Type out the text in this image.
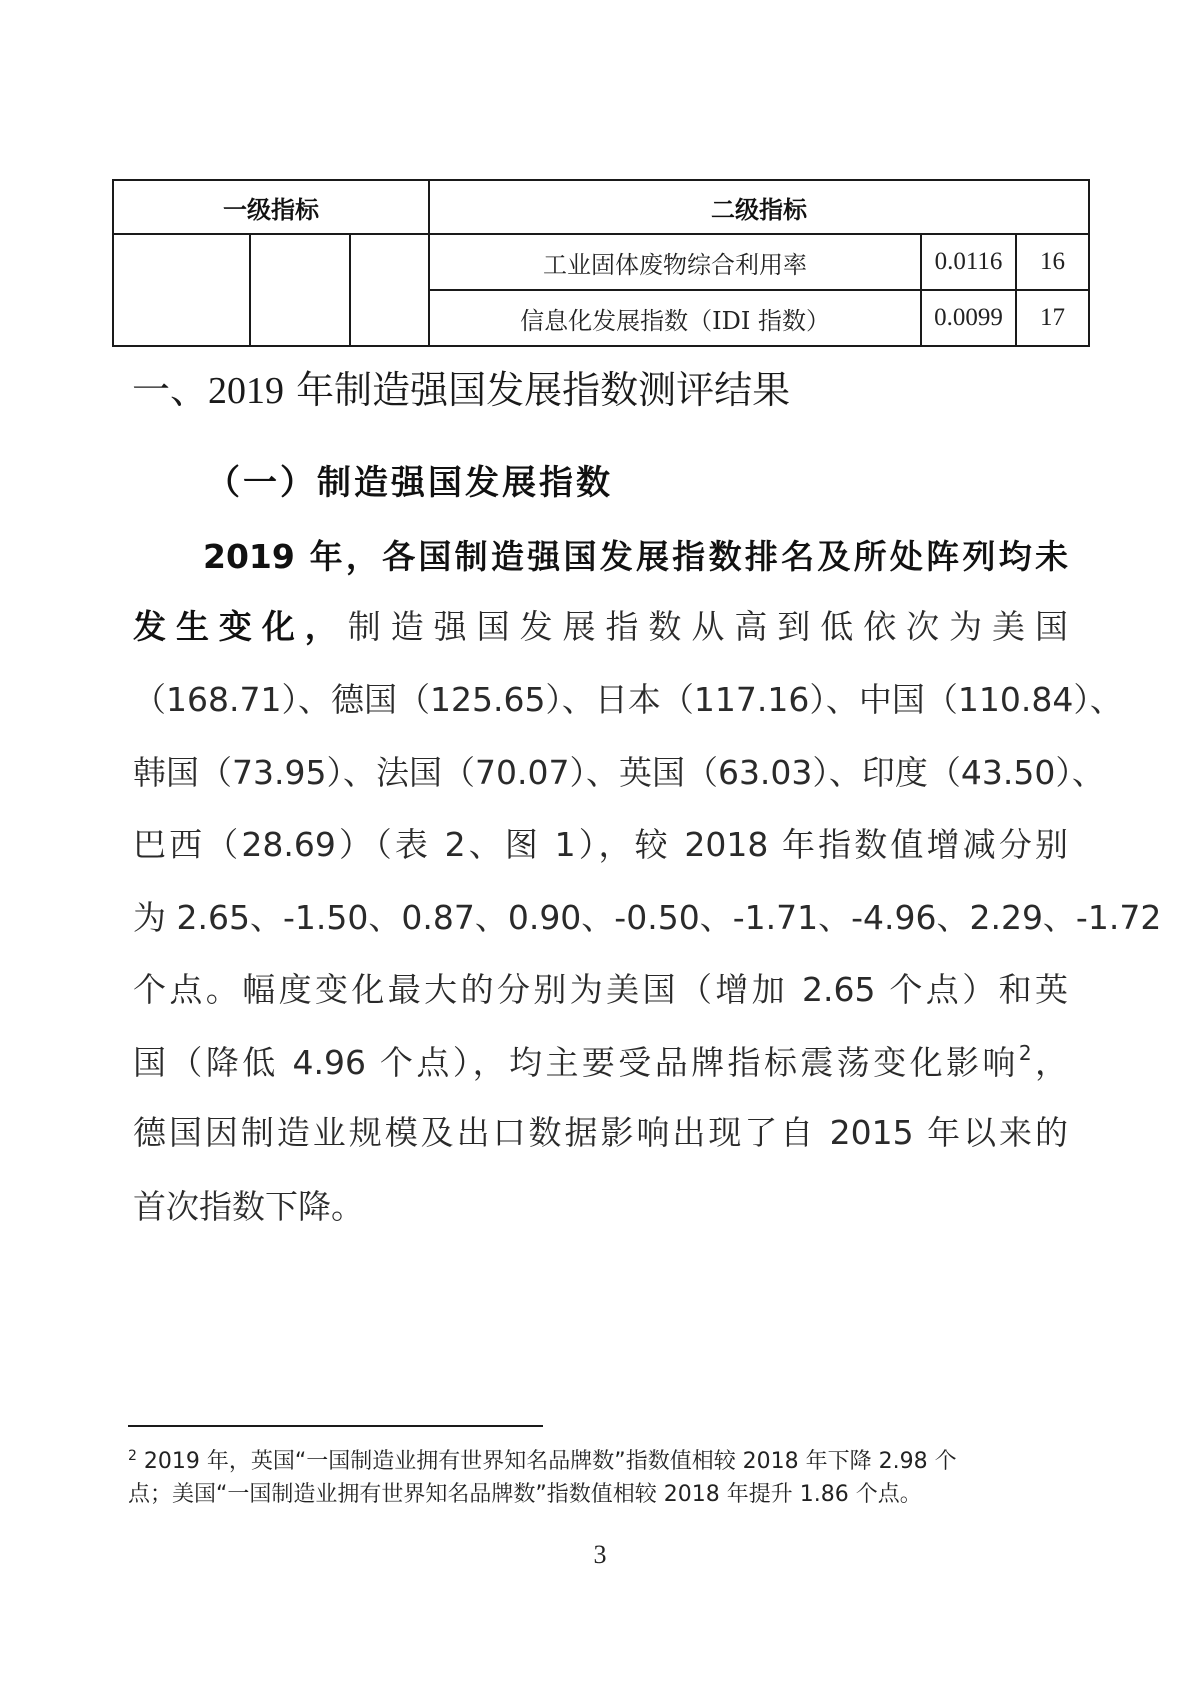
一级指标			二级指标		
			工业固体废物综合利用率	0.0116	16
			信息化发展指数（IDI 指数）	0.0099	17
一、2019 年制造强国发展指数测评结果
（一）制造强国发展指数
2019 年，各国制造强国发展指数排名及所处阵列均未
发生变化，制造强国发展指数从高到低依次为美国
（168.71）、德国（125.65）、日本（117.16）、中国（110.84）、
韩国（73.95）、法国（70.07）、英国（63.03）、印度（43.50）、
巴西（28.69）（表 2、图 1），较 2018 年指数值增减分别
为 2.65、-1.50、0.87、0.90、-0.50、-1.71、-4.96、2.29、-1.72
个点。幅度变化最大的分别为美国（增加 2.65 个点）和英
国（降低 4.96 个点），均主要受品牌指标震荡变化影响$^2$，
德国因制造业规模及出口数据影响出现了自 2015 年以来的
首次指数下降。
$^2$ 2019 年，英国“一国制造业拥有世界知名品牌数”指数值相较 2018 年下降 2.98 个
点；美国“一国制造业拥有世界知名品牌数”指数值相较 2018 年提升 1.86 个点。
3
